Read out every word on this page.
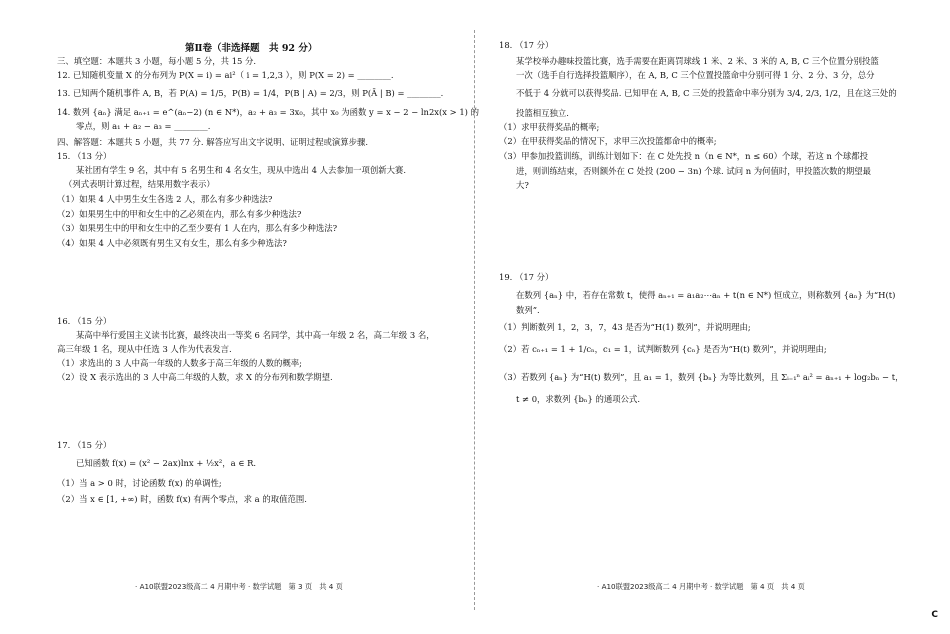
第Ⅱ卷（非选择题　共 92 分）
三、填空题：本题共 3 小题，每小题 5 分，共 15 分.
12. 已知随机变量 X 的分布列为 P(X = i) = ai²（ i = 1,2,3 ），则 P(X = 2) = ________.
13. 已知两个随机事件 A, B，若 P(A) = 1/5，P(B) = 1/4，P(B | A) = 2/3，则 P(Ā | B) = ________.
14. 数列 {aₙ} 满足 aₙ₊₁ = e^(aₙ−2) (n ∈ N*)，a₂ + a₃ = 3x₀，其中 x₀ 为函数 y = x − 2 − ln2x(x > 1) 的
零点，则 a₁ + a₂ − a₃ = ________.
四、解答题：本题共 5 小题，共 77 分. 解答应写出文字说明、证明过程或演算步骤.
15. （13 分）
某社团有学生 9 名，其中有 5 名男生和 4 名女生，现从中选出 4 人去参加一项创新大赛.
（列式表明计算过程，结果用数字表示）
（1）如果 4 人中男生女生各选 2 人，那么有多少种选法?
（2）如果男生中的甲和女生中的乙必须在内，那么有多少种选法?
（3）如果男生中的甲和女生中的乙至少要有 1 人在内，那么有多少种选法?
（4）如果 4 人中必须既有男生又有女生，那么有多少种选法?
16. （15 分）
某高中举行爱国主义读书比赛，最终决出一等奖 6 名同学，其中高一年级 2 名，高二年级 3 名，
高三年级 1 名，现从中任选 3 人作为代表发言.
（1）求选出的 3 人中高一年级的人数多于高三年级的人数的概率;
（2）设 X 表示选出的 3 人中高二年级的人数，求 X 的分布列和数学期望.
17. （15 分）
已知函数 f(x) = (x² − 2ax)lnx + ½x²，a ∈ R.
（1）当 a > 0 时，讨论函数 f(x) 的单调性;
（2）当 x ∈ [1, +∞) 时，函数 f(x) 有两个零点，求 a 的取值范围.
· A10联盟2023级高二 4 月期中考 · 数学试题　第 3 页　共 4 页
18. （17 分）
某学校举办趣味投篮比赛，选手需要在距离罚球线 1 米、2 米、3 米的 A, B, C 三个位置分别投篮
一次（选手自行选择投篮顺序），在 A, B, C 三个位置投篮命中分别可得 1 分、2 分、3 分，总分
不低于 4 分就可以获得奖品. 已知甲在 A, B, C 三处的投篮命中率分别为 3/4, 2/3, 1/2，且在这三处的
投篮相互独立.
（1）求甲获得奖品的概率;
（2）在甲获得奖品的情况下，求甲三次投篮都命中的概率;
（3）甲参加投篮训练，训练计划如下：在 C 处先投 n（n ∈ N*，n ≤ 60）个球，若这 n 个球都投
进，则训练结束，否则额外在 C 处投 (200 − 3n) 个球. 试问 n 为何值时，甲投篮次数的期望最
大?
19. （17 分）
在数列 {aₙ} 中，若存在常数 t，使得 aₙ₊₁ = a₁a₂⋯aₙ + t(n ∈ N*) 恒成立，则称数列 {aₙ} 为“H(t)
数列”.
（1）判断数列 1，2，3，7，43 是否为“H(1) 数列”，并说明理由;
（2）若 cₙ₊₁ = 1 + 1/cₙ，c₁ = 1，试判断数列 {cₙ} 是否为“H(t) 数列”，并说明理由;
（3）若数列 {aₙ} 为“H(t) 数列”，且 a₁ = 1，数列 {bₙ} 为等比数列，且 Σᵢ₌₁ⁿ aᵢ² = aₙ₊₁ + log₂bₙ − t，
t ≠ 0，求数列 {bₙ} 的通项公式.
· A10联盟2023级高二 4 月期中考 · 数学试题　第 4 页　共 4 页
C
